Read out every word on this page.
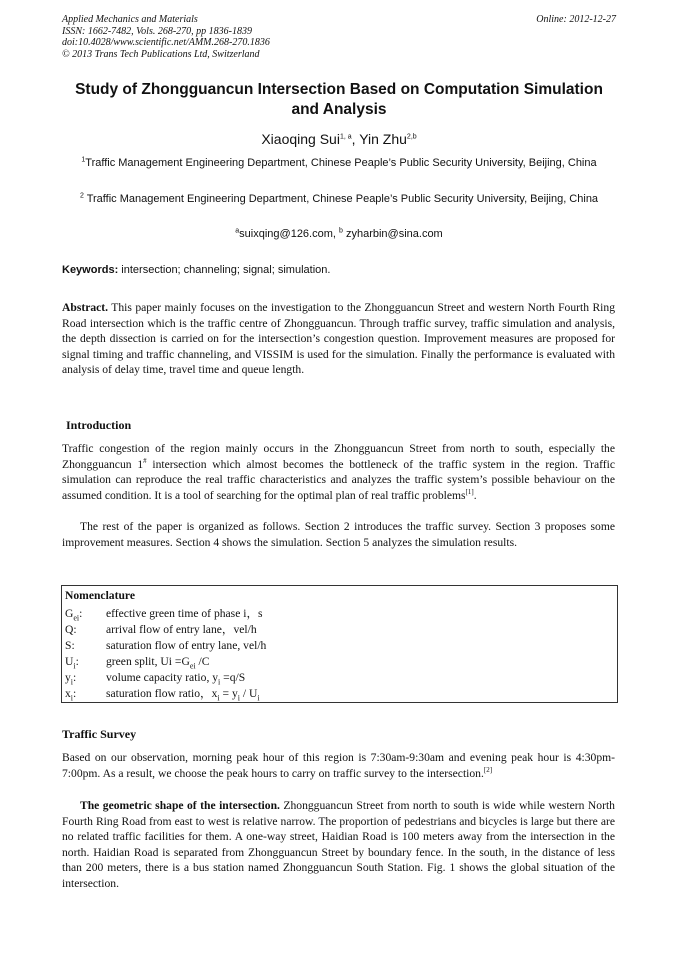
Applied Mechanics and Materials
ISSN: 1662-7482, Vols. 268-270, pp 1836-1839
doi:10.4028/www.scientific.net/AMM.268-270.1836
© 2013 Trans Tech Publications Ltd, Switzerland
Online: 2012-12-27
Study of Zhongguancun Intersection Based on Computation Simulation and Analysis
Xiaoqing Sui$^{1, a}$, Yin Zhu$^{2,b}$
$^1$Traffic Management Engineering Department, Chinese Peaple’s Public Security University, Beijing, China
$^2$ Traffic Management Engineering Department, Chinese Peaple’s Public Security University, Beijing, China
$^a$suixqing@126.com, $^b$ zyharbin@sina.com
Keywords: intersection; channeling; signal; simulation.

Abstract. This paper mainly focuses on the investigation to the Zhongguancun Street and western North Fourth Ring Road intersection which is the traffic centre of Zhongguancun. Through traffic survey, traffic simulation and analysis, the depth dissection is carried on for the intersection’s congestion question. Improvement measures are proposed for signal timing and traffic channeling, and VISSIM is used for the simulation. Finally the performance is evaluated with analysis of delay time, travel time and queue length.

Introduction

Traffic congestion of the region mainly occurs in the Zhongguancun Street from north to south, especially the Zhongguancun 1# intersection which almost becomes the bottleneck of the traffic system in the region. Traffic simulation can reproduce the real traffic characteristics and analyzes the traffic system’s possible behaviour on the assumed condition. It is a tool of searching for the optimal plan of real traffic problems[1].

The rest of the paper is organized as follows. Section 2 introduces the traffic survey. Section 3 proposes some improvement measures. Section 4 shows the simulation. Section 5 analyzes the simulation results.

Nomenclature
$G_{ei}$:	effective green time of phase i，s
Q:	arrival flow of entry lane，vel/h
S:	saturation flow of entry lane, vel/h
$U_i$:	green split, $Ui =G_{ei}$ /C
$y_i$:	volume capacity ratio, $y_i =q/S$
$x_i$:	saturation flow ratio，$x_i = y_i / U_i$
Traffic Survey

Based on our observation, morning peak hour of this region is 7:30am-9:30am and evening peak hour is 4:30pm-7:00pm. As a result, we choose the peak hours to carry on traffic survey to the intersection.[2]

The geometric shape of the intersection. Zhongguancun Street from north to south is wide while western North Fourth Ring Road from east to west is relative narrow. The proportion of pedestrians and bicycles is large but there are no related traffic facilities for them. A one-way street, Haidian Road is 100 meters away from the intersection in the north. Haidian Road is separated from Zhongguancun Street by boundary fence. In the south, in the distance of less than 200 meters, there is a bus station named Zhongguancun South Station. Fig. 1 shows the global situation of the intersection.
